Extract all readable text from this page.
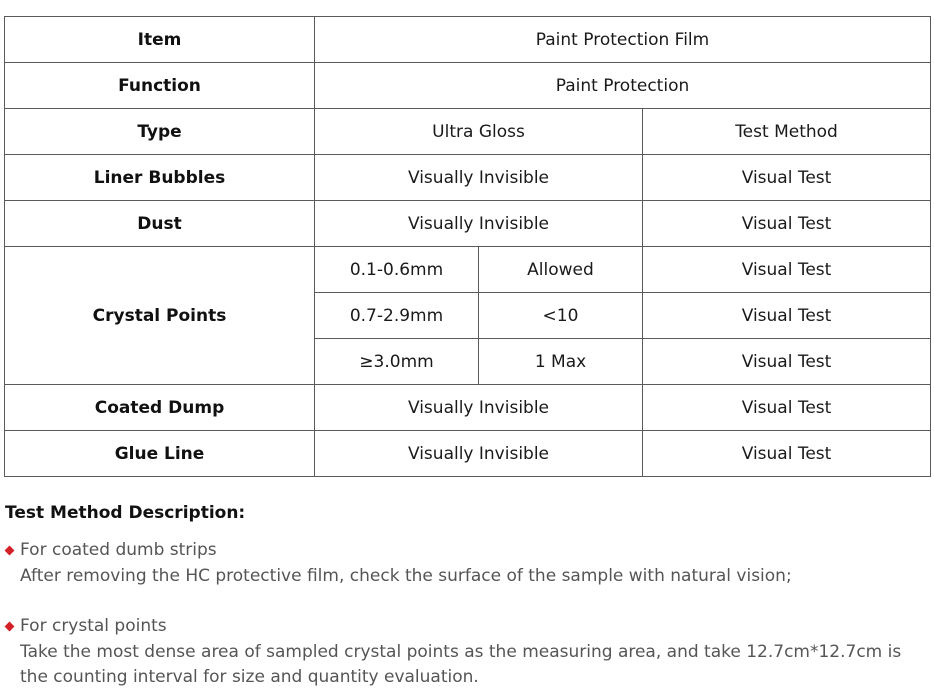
Item	Paint Protection Film		
Function	Paint Protection		
Type	Ultra Gloss		Test Method
Liner Bubbles	Visually Invisible		Visual Test
Dust	Visually Invisible		Visual Test
Crystal Points	0.1-0.6mm	Allowed	Visual Test
	0.7-2.9mm	<10	Visual Test
	≥3.0mm	1 Max	Visual Test
Coated Dump	Visually Invisible		Visual Test
Glue Line	Visually Invisible		Visual Test
Test Method Description:
For coated dumb strips
After removing the HC protective film, check the surface of the sample with natural vision;
For crystal points
Take the most dense area of sampled crystal points as the measuring area, and take 12.7cm*12.7cm is the counting interval for size and quantity evaluation.
